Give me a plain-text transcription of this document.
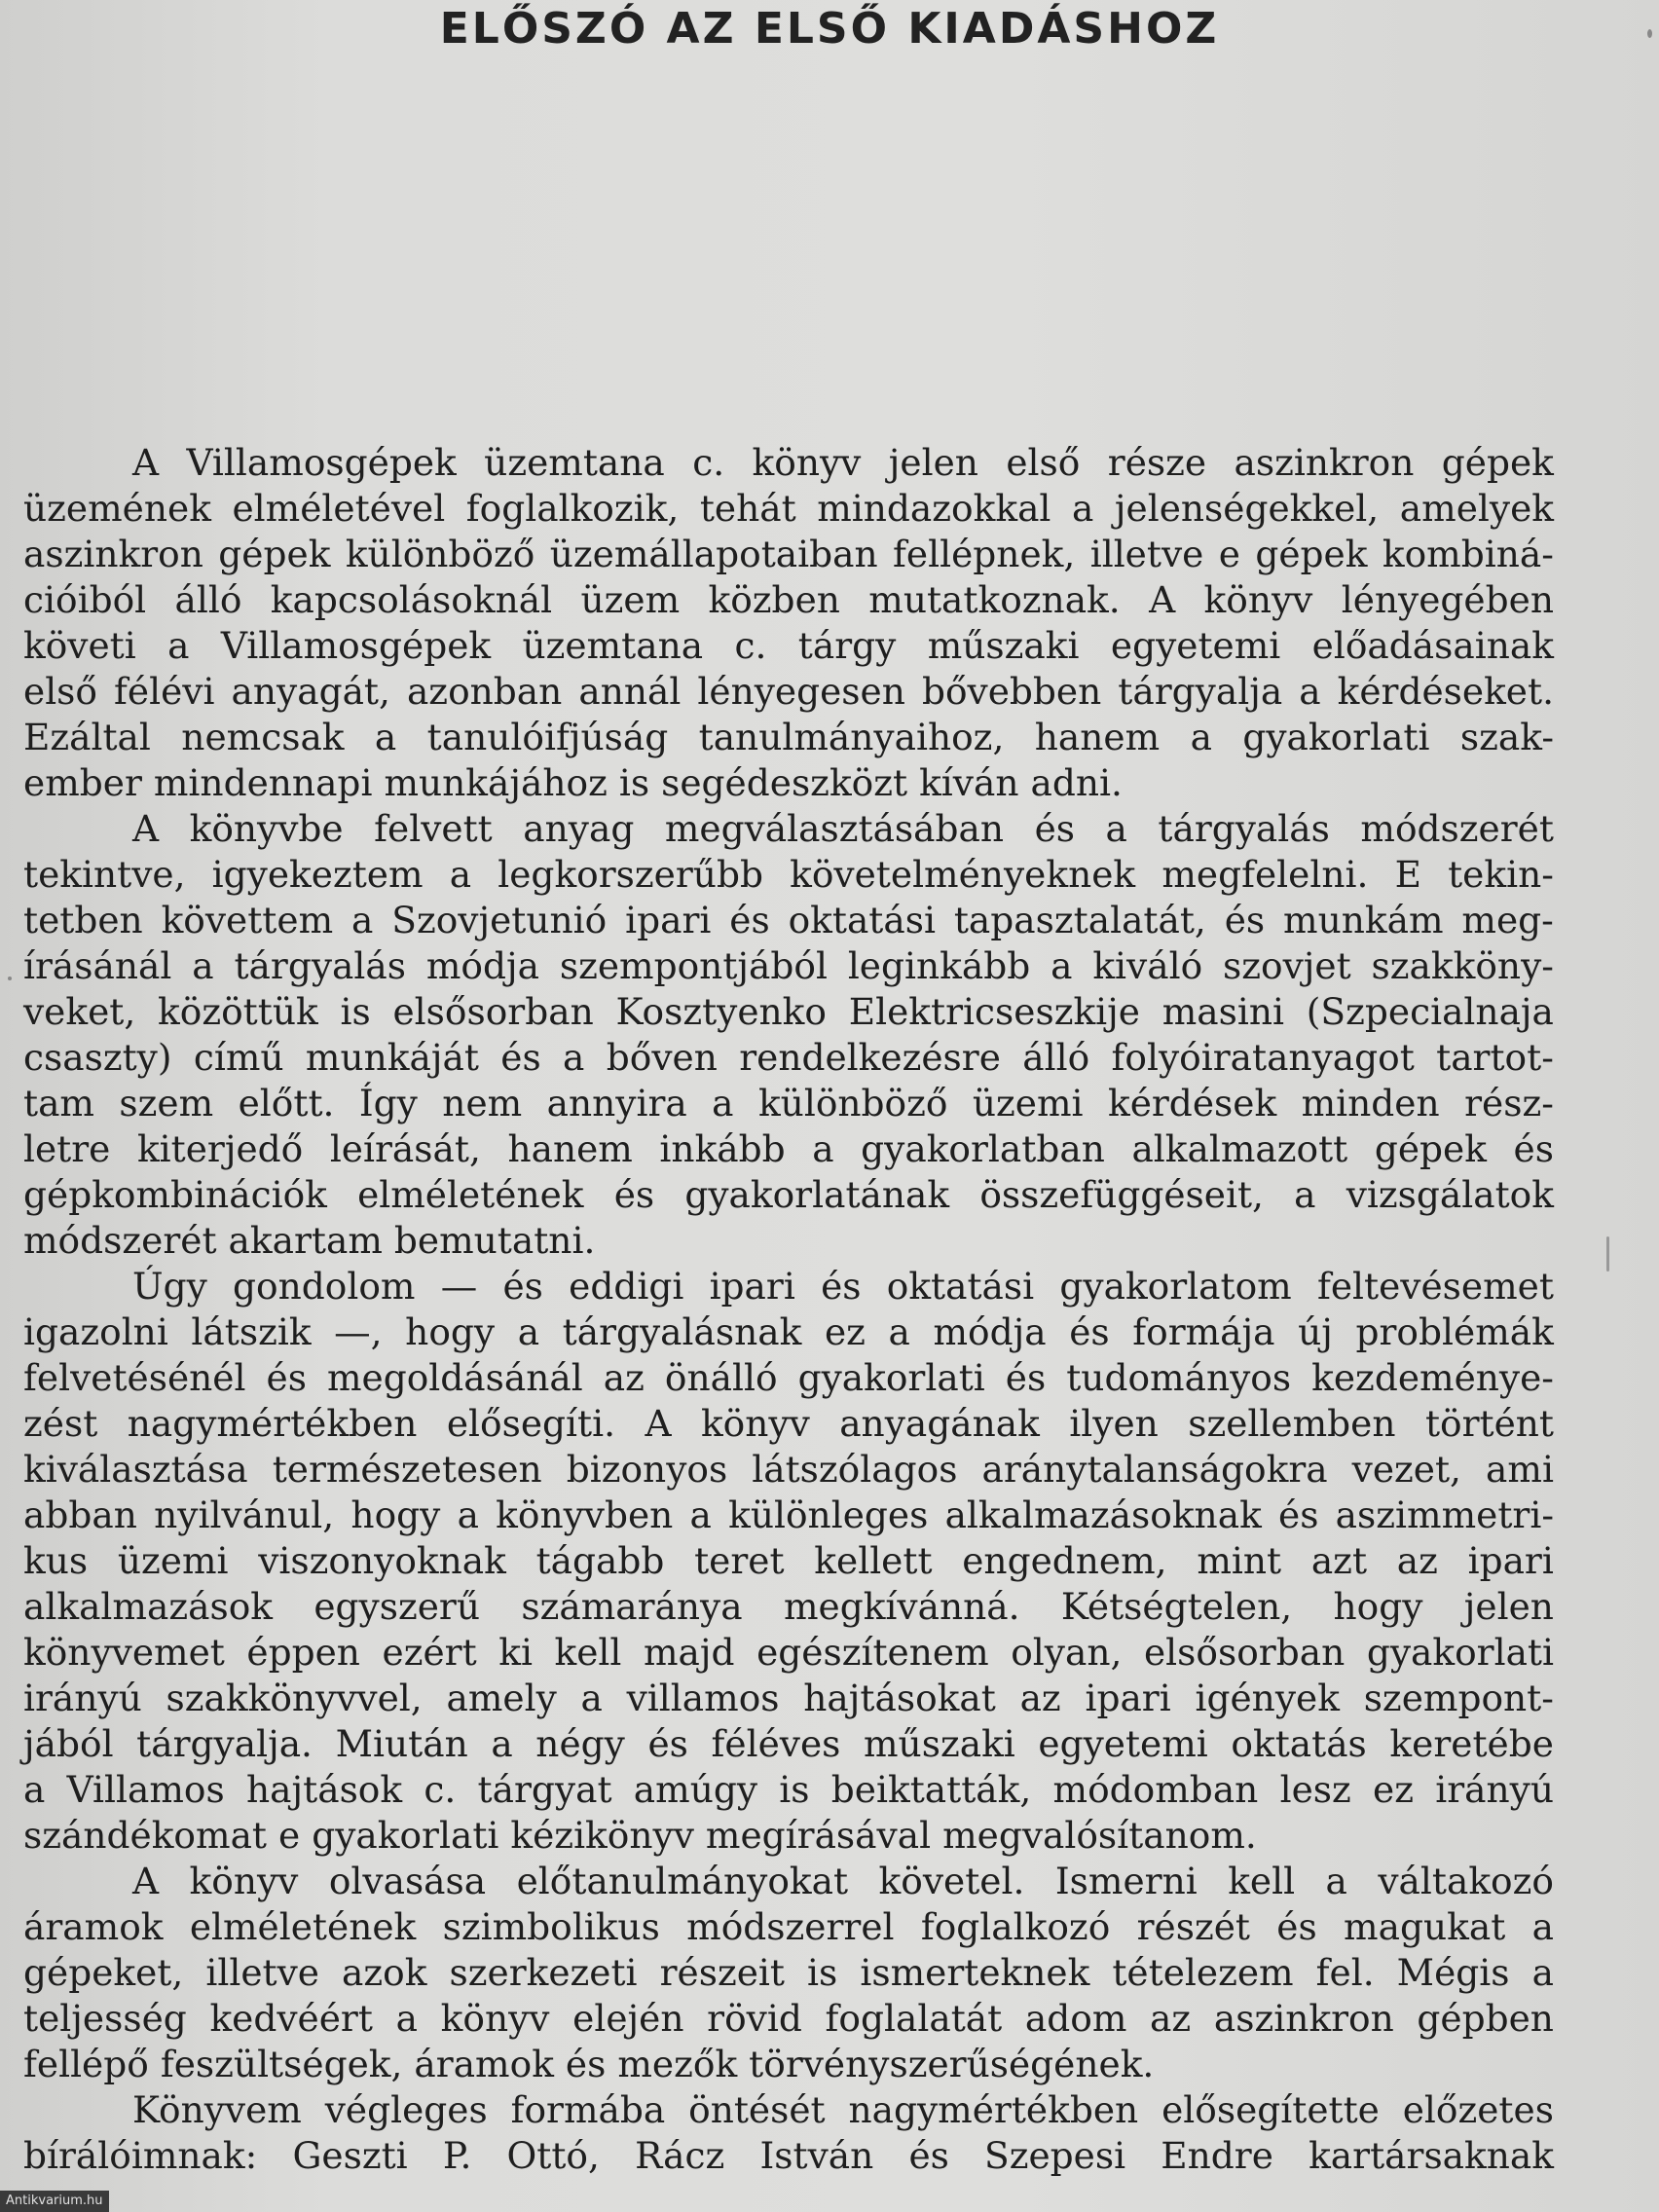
ELŐSZÓ AZ ELSŐ KIADÁSHOZ
A Villamosgépek üzemtana c. könyv jelen első része aszinkron gépek
üzemének elméletével foglalkozik, tehát mindazokkal a jelenségekkel, amelyek
aszinkron gépek különböző üzemállapotaiban fellépnek, illetve e gépek kombiná-
cióiból álló kapcsolásoknál üzem közben mutatkoznak. A könyv lényegében
követi a Villamosgépek üzemtana c. tárgy műszaki egyetemi előadásainak
első félévi anyagát, azonban annál lényegesen bővebben tárgyalja a kérdéseket.
Ezáltal nemcsak a tanulóifjúság tanulmányaihoz, hanem a gyakorlati szak-
ember mindennapi munkájához is segédeszközt kíván adni.
A könyvbe felvett anyag megválasztásában és a tárgyalás módszerét
tekintve, igyekeztem a legkorszerűbb követelményeknek megfelelni. E tekin-
tetben követtem a Szovjetunió ipari és oktatási tapasztalatát, és munkám meg-
írásánál a tárgyalás módja szempontjából leginkább a kiváló szovjet szakköny-
veket, közöttük is elsősorban Kosztyenko Elektricseszkije masini (Szpecialnaja
csaszty) című munkáját és a bőven rendelkezésre álló folyóiratanyagot tartot-
tam szem előtt. Így nem annyira a különböző üzemi kérdések minden rész-
letre kiterjedő leírását, hanem inkább a gyakorlatban alkalmazott gépek és
gépkombinációk elméletének és gyakorlatának összefüggéseit, a vizsgálatok
módszerét akartam bemutatni.
Úgy gondolom — és eddigi ipari és oktatási gyakorlatom feltevésemet
igazolni látszik —, hogy a tárgyalásnak ez a módja és formája új problémák
felvetésénél és megoldásánál az önálló gyakorlati és tudományos kezdeménye-
zést nagymértékben elősegíti. A könyv anyagának ilyen szellemben történt
kiválasztása természetesen bizonyos látszólagos aránytalanságokra vezet, ami
abban nyilvánul, hogy a könyvben a különleges alkalmazásoknak és aszimmetri-
kus üzemi viszonyoknak tágabb teret kellett engednem, mint azt az ipari
alkalmazások egyszerű számaránya megkívánná. Kétségtelen, hogy jelen
könyvemet éppen ezért ki kell majd egészítenem olyan, elsősorban gyakorlati
irányú szakkönyvvel, amely a villamos hajtásokat az ipari igények szempont-
jából tárgyalja. Miután a négy és féléves műszaki egyetemi oktatás keretébe
a Villamos hajtások c. tárgyat amúgy is beiktatták, módomban lesz ez irányú
szándékomat e gyakorlati kézikönyv megírásával megvalósítanom.
A könyv olvasása előtanulmányokat követel. Ismerni kell a váltakozó
áramok elméletének szimbolikus módszerrel foglalkozó részét és magukat a
gépeket, illetve azok szerkezeti részeit is ismerteknek tételezem fel. Mégis a
teljesség kedvéért a könyv elején rövid foglalatát adom az aszinkron gépben
fellépő feszültségek, áramok és mezők törvényszerűségének.
Könyvem végleges formába öntését nagymértékben elősegítette előzetes
bírálóimnak: Geszti P. Ottó, Rácz István és Szepesi Endre kartársaknak
Antikvarium.hu
